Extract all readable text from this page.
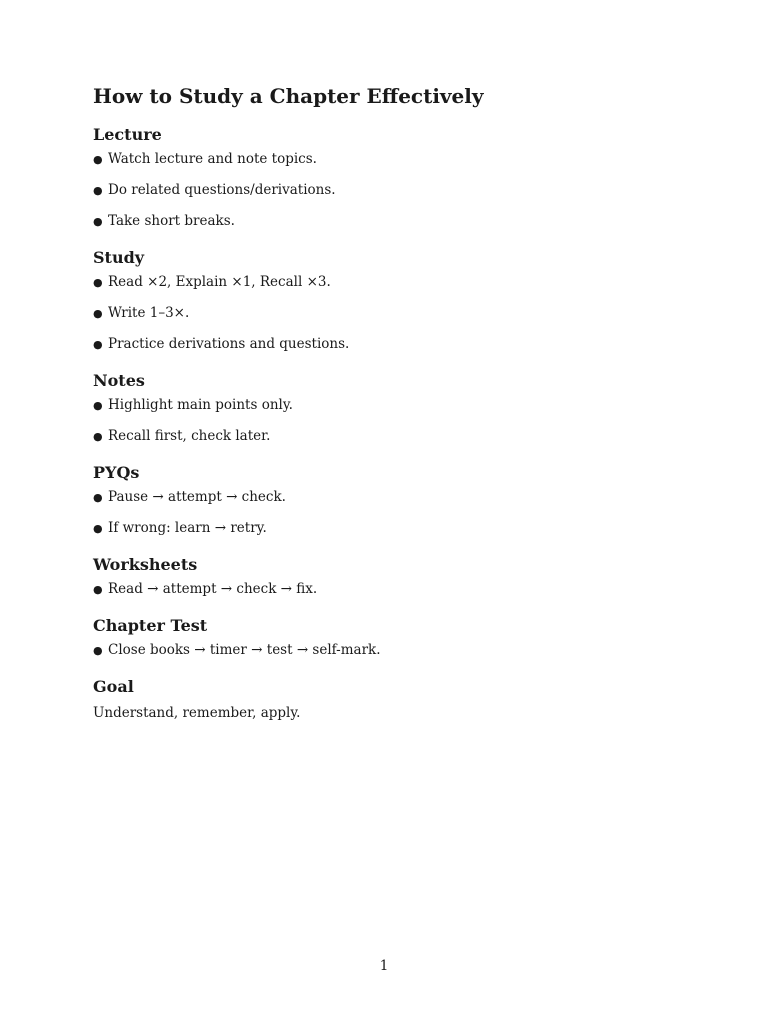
How to Study a Chapter Effectively
Lecture
● Watch lecture and note topics.
● Do related questions/derivations.
● Take short breaks.
Study
● Read ×2, Explain ×1, Recall ×3.
● Write 1–3×.
● Practice derivations and questions.
Notes
● Highlight main points only.
● Recall first, check later.
PYQs
● Pause → attempt → check.
● If wrong: learn → retry.
Worksheets
● Read → attempt → check → fix.
Chapter Test
● Close books → timer → test → self-mark.
Goal

Understand, remember, apply.

1
